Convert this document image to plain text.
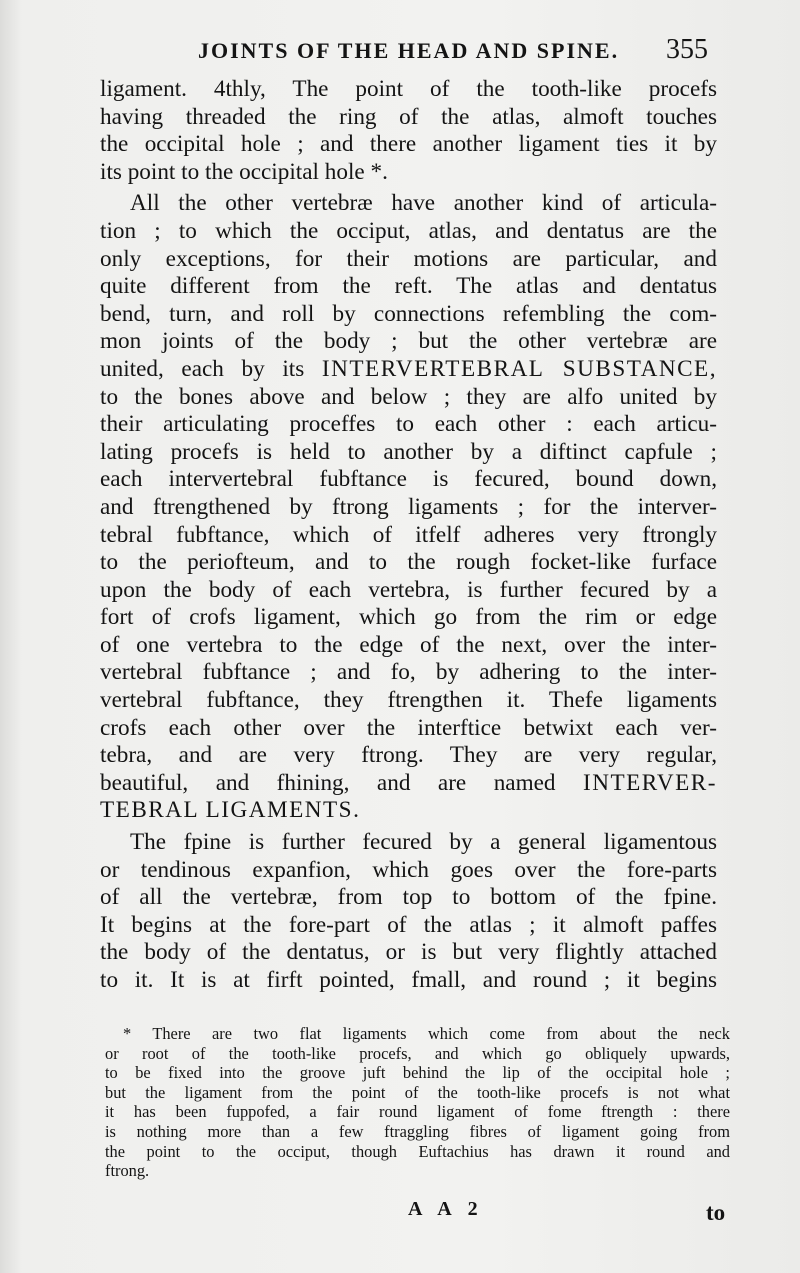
JOINTS OF THE HEAD AND SPINE. 355
ligament. 4thly, The point of the tooth-like procefs
having threaded the ring of the atlas, almoft touches
the occipital hole ; and there another ligament ties it by
its point to the occipital hole *.
All the other vertebræ have another kind of articula-
tion ; to which the occiput, atlas, and dentatus are the
only exceptions, for their motions are particular, and
quite different from the reft. The atlas and dentatus
bend, turn, and roll by connections refembling the com-
mon joints of the body ; but the other vertebræ are
united, each by its INTERVERTEBRAL SUBSTANCE,
to the bones above and below ; they are alfo united by
their articulating proceffes to each other : each articu-
lating procefs is held to another by a diftinct capfule ;
each intervertebral fubftance is fecured, bound down,
and ftrengthened by ftrong ligaments ; for the interver-
tebral fubftance, which of itfelf adheres very ftrongly
to the periofteum, and to the rough focket-like furface
upon the body of each vertebra, is further fecured by a
fort of crofs ligament, which go from the rim or edge
of one vertebra to the edge of the next, over the inter-
vertebral fubftance ; and fo, by adhering to the inter-
vertebral fubftance, they ftrengthen it. Thefe ligaments
crofs each other over the interftice betwixt each ver-
tebra, and are very ftrong. They are very regular,
beautiful, and fhining, and are named INTERVER-
TEBRAL LIGAMENTS.
The fpine is further fecured by a general ligamentous
or tendinous expanfion, which goes over the fore-parts
of all the vertebræ, from top to bottom of the fpine.
It begins at the fore-part of the atlas ; it almoft paffes
the body of the dentatus, or is but very flightly attached
to it. It is at firft pointed, fmall, and round ; it begins
* There are two flat ligaments which come from about the neck
or root of the tooth-like procefs, and which go obliquely upwards,
to be fixed into the groove juft behind the lip of the occipital hole ;
but the ligament from the point of the tooth-like procefs is not what
it has been fuppofed, a fair round ligament of fome ftrength : there
is nothing more than a few ftraggling fibres of ligament going from
the point to the occiput, though Euftachius has drawn it round and
ftrong.
A A 2	to
